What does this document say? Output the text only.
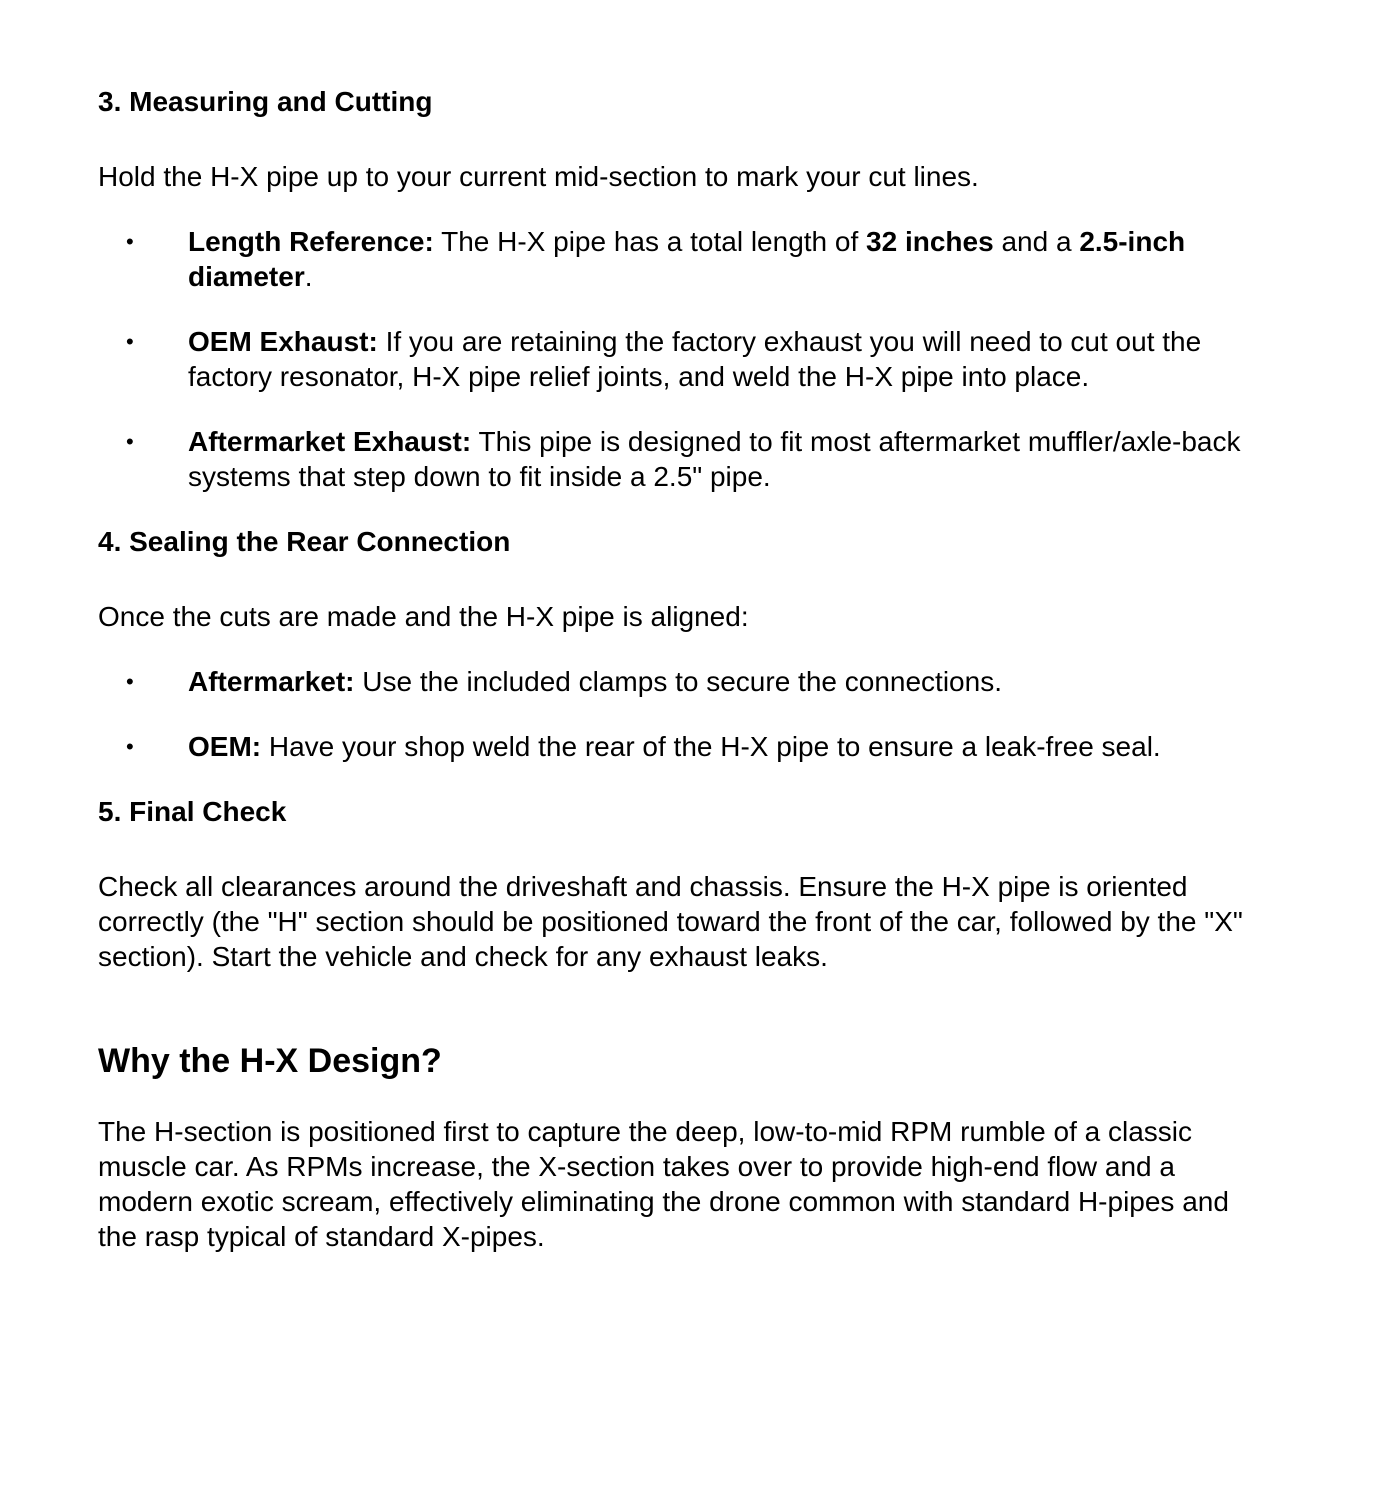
3. Measuring and Cutting

Hold the H-X pipe up to your current mid-section to mark your cut lines.

• Length Reference: The H-X pipe has a total length of 32 inches and a 2.5-inch diameter.
• OEM Exhaust: If you are retaining the factory exhaust you will need to cut out the factory resonator, H-X pipe relief joints, and weld the H-X pipe into place.
• Aftermarket Exhaust: This pipe is designed to fit most aftermarket muffler/axle-back systems that step down to fit inside a 2.5" pipe.
4. Sealing the Rear Connection

Once the cuts are made and the H-X pipe is aligned:

• Aftermarket: Use the included clamps to secure the connections.
• OEM: Have your shop weld the rear of the H-X pipe to ensure a leak-free seal.
5. Final Check

Check all clearances around the driveshaft and chassis. Ensure the H-X pipe is oriented correctly (the "H" section should be positioned toward the front of the car, followed by the "X" section). Start the vehicle and check for any exhaust leaks.

Why the H-X Design?

The H-section is positioned first to capture the deep, low-to-mid RPM rumble of a classic muscle car. As RPMs increase, the X-section takes over to provide high-end flow and a modern exotic scream, effectively eliminating the drone common with standard H-pipes and the rasp typical of standard X-pipes.
